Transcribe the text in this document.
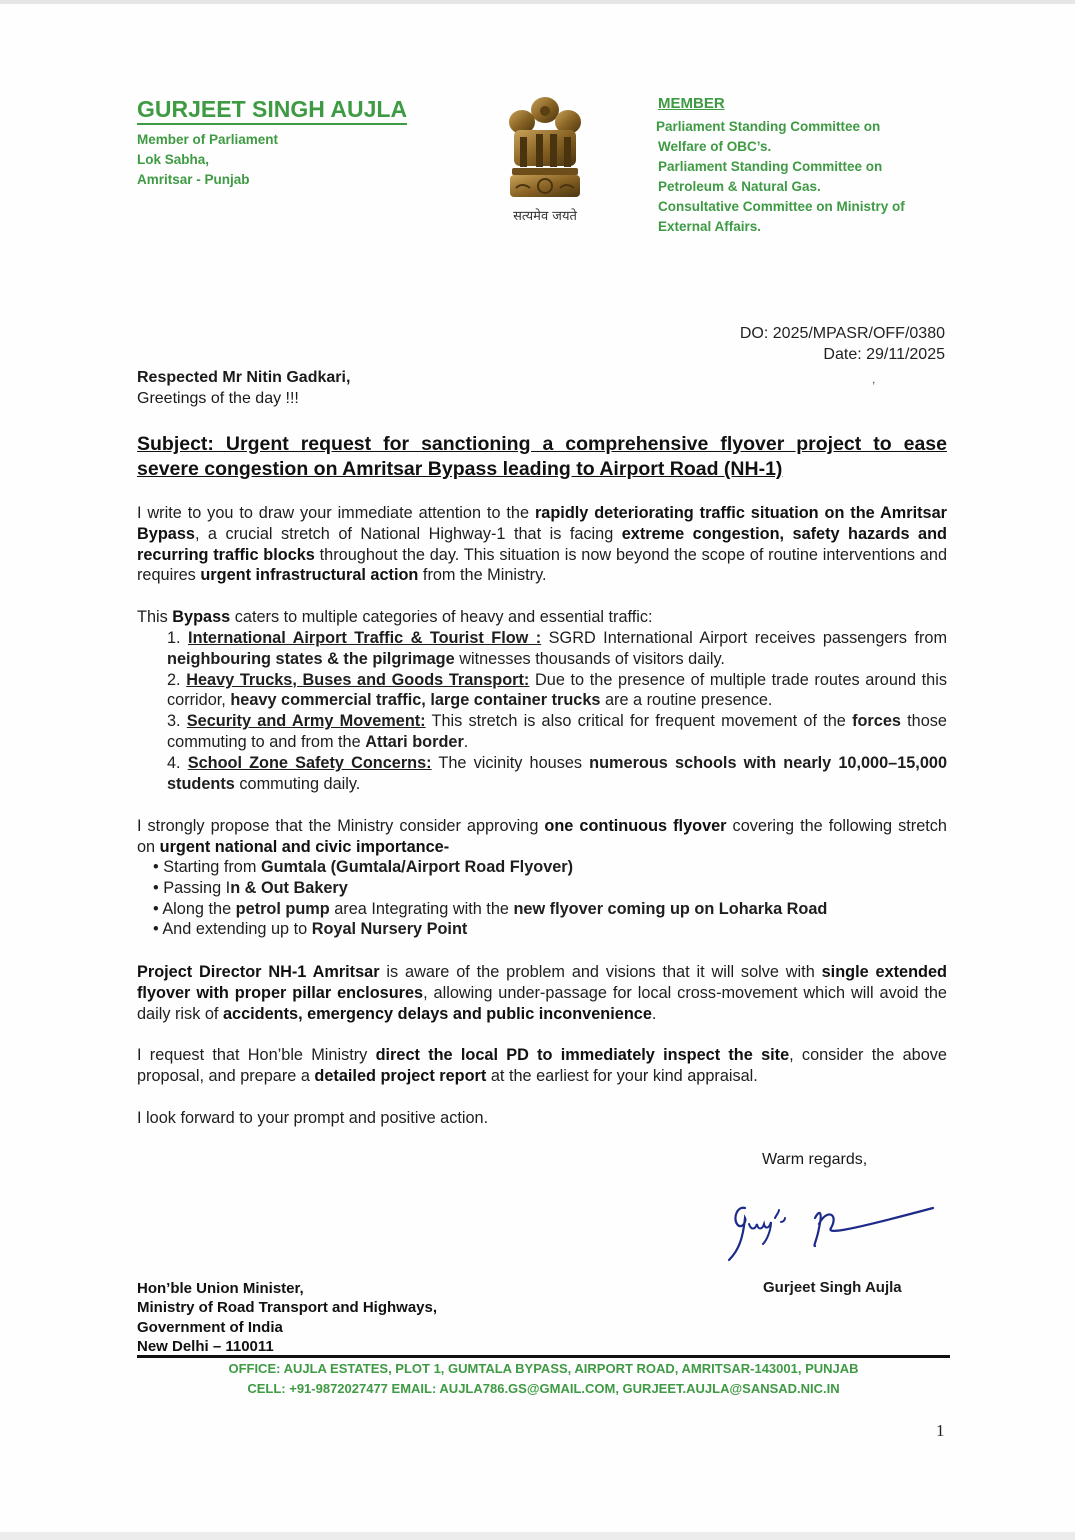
GURJEET SINGH AUJLA
Member of Parliament
Lok Sabha,
Amritsar - Punjab
सत्यमेव जयते
MEMBER
Parliament Standing Committee on
Welfare of OBC’s.
Parliament Standing Committee on
Petroleum & Natural Gas.
Consultative Committee on Ministry of
External Affairs.
DO: 2025/MPASR/OFF/0380
Date: 29/11/2025
,
Respected Mr Nitin Gadkari,
Greetings of the day !!!
Subject: Urgent request for sanctioning a comprehensive flyover project to ease severe congestion on Amritsar Bypass leading to Airport Road (NH-1)
I write to you to draw your immediate attention to the rapidly deteriorating traffic situation on the Amritsar Bypass, a crucial stretch of National Highway-1 that is facing extreme congestion, safety hazards and recurring traffic blocks throughout the day. This situation is now beyond the scope of routine interventions and requires urgent infrastructural action from the Ministry.
This Bypass caters to multiple categories of heavy and essential traffic:
1. International Airport Traffic & Tourist Flow : SGRD International Airport receives passengers from neighbouring states & the pilgrimage witnesses thousands of visitors daily.
2. Heavy Trucks, Buses and Goods Transport: Due to the presence of multiple trade routes around this corridor, heavy commercial traffic, large container trucks are a routine presence.
3. Security and Army Movement: This stretch is also critical for frequent movement of the forces those commuting to and from the Attari border.
4. School Zone Safety Concerns: The vicinity houses numerous schools with nearly 10,000–15,000 students commuting daily.
I strongly propose that the Ministry consider approving one continuous flyover covering the following stretch on urgent national and civic importance-
• Starting from Gumtala (Gumtala/Airport Road Flyover)
• Passing In & Out Bakery
• Along the petrol pump area Integrating with the new flyover coming up on Loharka Road
• And extending up to Royal Nursery Point
Project Director NH-1 Amritsar is aware of the problem and visions that it will solve with single extended flyover with proper pillar enclosures, allowing under-passage for local cross-movement which will avoid the daily risk of accidents, emergency delays and public inconvenience.
I request that Hon’ble Ministry direct the local PD to immediately inspect the site, consider the above proposal, and prepare a detailed project report at the earliest for your kind appraisal.
I look forward to your prompt and positive action.
Warm regards,
Gurjeet Singh Aujla
Hon’ble Union Minister,
Ministry of Road Transport and Highways,
Government of India
New Delhi – 110011
OFFICE: AUJLA ESTATES, PLOT 1, GUMTALA BYPASS, AIRPORT ROAD, AMRITSAR-143001, PUNJAB
CELL: +91-9872027477 EMAIL: AUJLA786.GS@GMAIL.COM, GURJEET.AUJLA@SANSAD.NIC.IN
1
